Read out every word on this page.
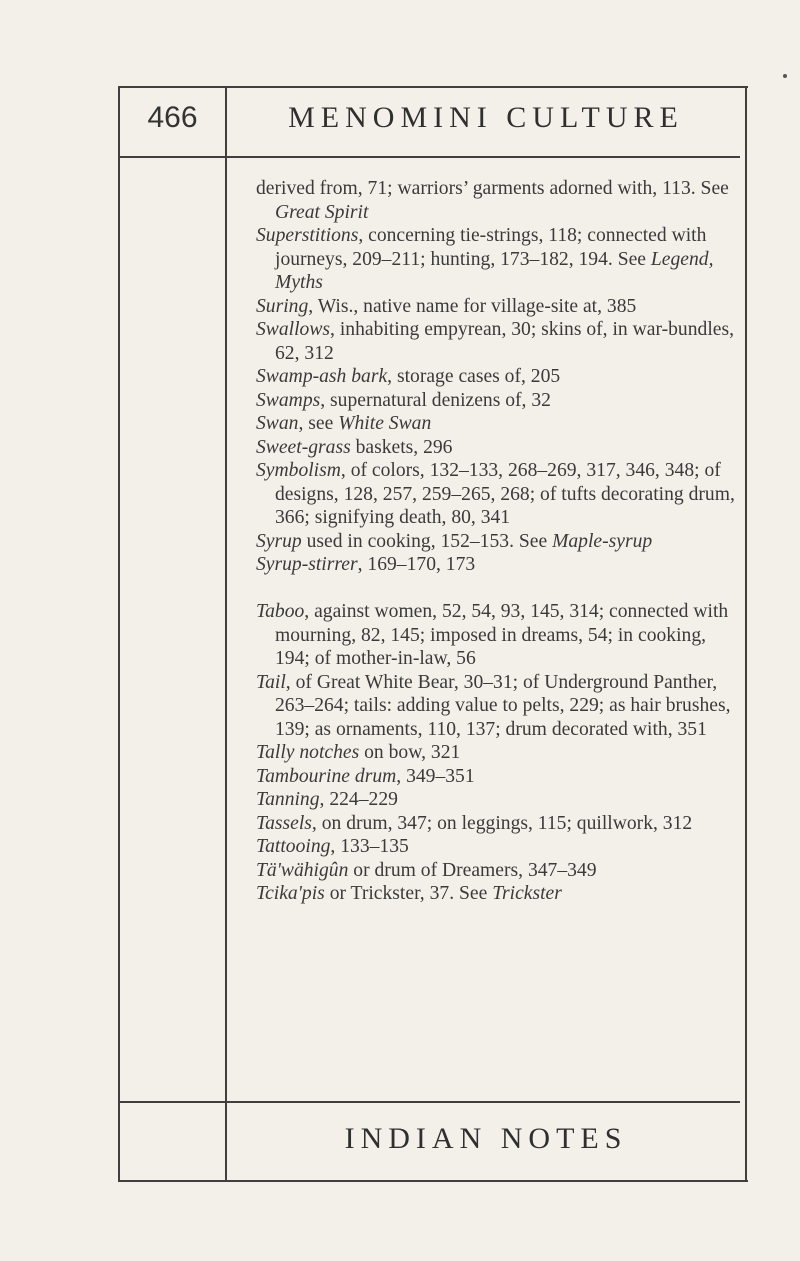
466	MENOMINI CULTURE

derived from, 71; warriors’ garments adorned with, 113. See Great Spirit

Superstitions, concerning tie-strings, 118; connected with journeys, 209–211; hunting, 173–182, 194. See Legend, Myths

Suring, Wis., native name for village-site at, 385

Swallows, inhabiting empyrean, 30; skins of, in war-bundles, 62, 312

Swamp-ash bark, storage cases of, 205

Swamps, supernatural denizens of, 32

Swan, see White Swan

Sweet-grass baskets, 296

Symbolism, of colors, 132–133, 268–269, 317, 346, 348; of designs, 128, 257, 259–265, 268; of tufts decorating drum, 366; signifying death, 80, 341

Syrup used in cooking, 152–153. See Maple-syrup

Syrup-stirrer, 169–170, 173

Taboo, against women, 52, 54, 93, 145, 314; connected with mourning, 82, 145; imposed in dreams, 54; in cooking, 194; of mother-in-law, 56

Tail, of Great White Bear, 30–31; of Underground Panther, 263–264; tails: adding value to pelts, 229; as hair brushes, 139; as ornaments, 110, 137; drum decorated with, 351

Tally notches on bow, 321

Tambourine drum, 349–351

Tanning, 224–229

Tassels, on drum, 347; on leggings, 115; quillwork, 312

Tattooing, 133–135

Tä'wähigûn or drum of Dreamers, 347–349

Tcika'pis or Trickster, 37. See Trickster

INDIAN NOTES
